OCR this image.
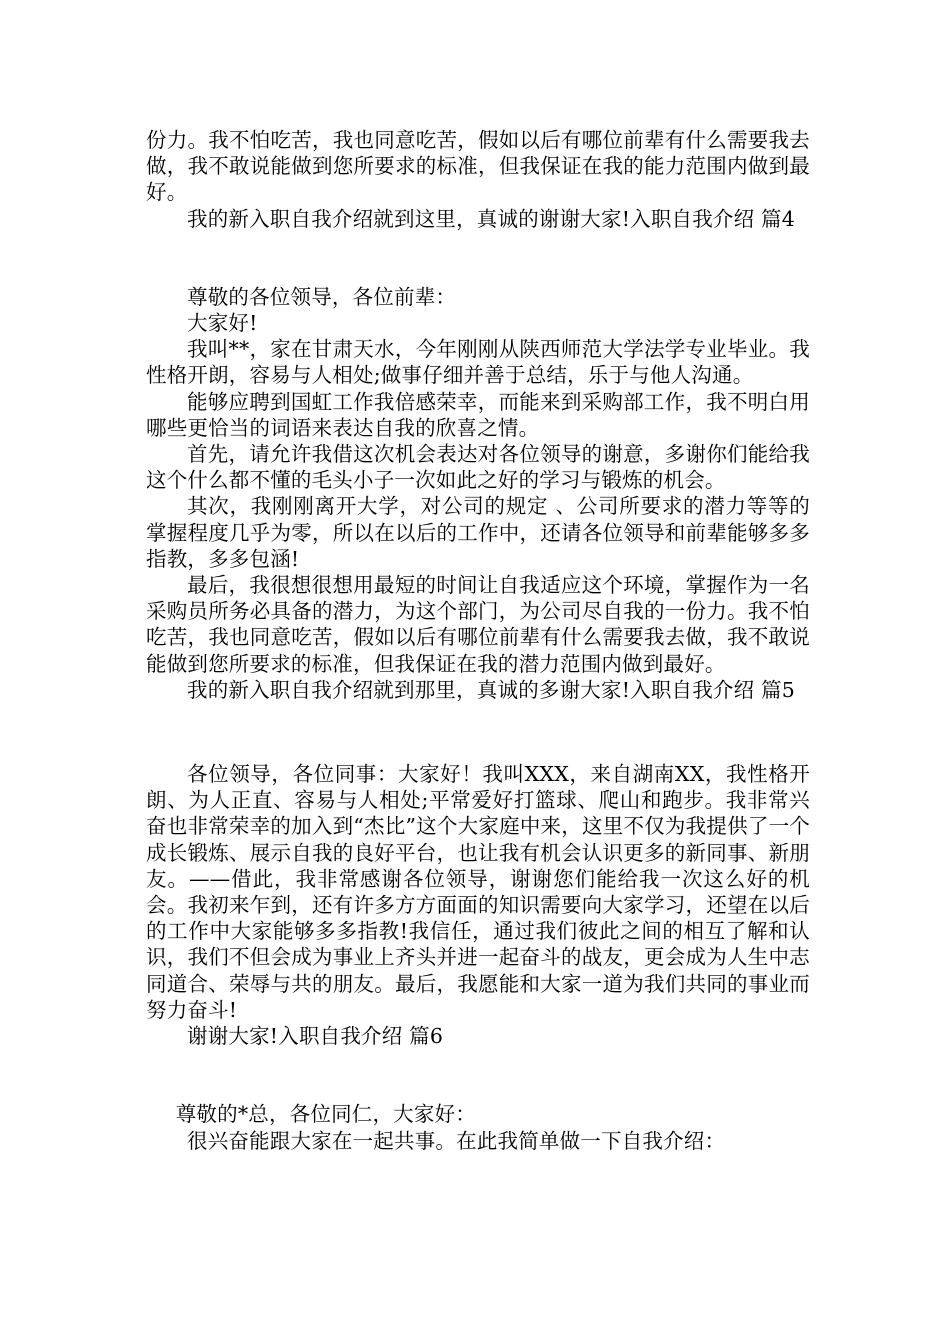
份力。我不怕吃苦，我也同意吃苦，假如以后有哪位前辈有什么需要我去做，我不敢说能做到您所要求的标准，但我保证在我的能力范围内做到最好。

我的新入职自我介绍就到这里，真诚的谢谢大家!入职自我介绍 篇4

尊敬的各位领导，各位前辈：

大家好!

我叫**，家在甘肃天水，今年刚刚从陕西师范大学法学专业毕业。我性格开朗，容易与人相处;做事仔细并善于总结，乐于与他人沟通。

能够应聘到国虹工作我倍感荣幸，而能来到采购部工作，我不明白用哪些更恰当的词语来表达自我的欣喜之情。

首先，请允许我借这次机会表达对各位领导的谢意，多谢你们能给我这个什么都不懂的毛头小子一次如此之好的学习与锻炼的机会。

其次，我刚刚离开大学，对公司的规定 、公司所要求的潜力等等的掌握程度几乎为零，所以在以后的工作中，还请各位领导和前辈能够多多指教，多多包涵!

最后，我很想很想用最短的时间让自我适应这个环境，掌握作为一名采购员所务必具备的潜力，为这个部门，为公司尽自我的一份力。我不怕吃苦，我也同意吃苦，假如以后有哪位前辈有什么需要我去做，我不敢说能做到您所要求的标准，但我保证在我的潜力范围内做到最好。

我的新入职自我介绍就到那里，真诚的多谢大家!入职自我介绍 篇5

各位领导，各位同事：大家好！我叫XXX，来自湖南XX，我性格开朗、为人正直、容易与人相处;平常爱好打篮球、爬山和跑步。我非常兴奋也非常荣幸的加入到“杰比”这个大家庭中来，这里不仅为我提供了一个成长锻炼、展示自我的良好平台，也让我有机会认识更多的新同事、新朋友。——借此，我非常感谢各位领导，谢谢您们能给我一次这么好的机会。我初来乍到，还有许多方方面面的知识需要向大家学习，还望在以后的工作中大家能够多多指教!我信任，通过我们彼此之间的相互了解和认识，我们不但会成为事业上齐头并进一起奋斗的战友，更会成为人生中志同道合、荣辱与共的朋友。最后，我愿能和大家一道为我们共同的事业而努力奋斗!

谢谢大家!入职自我介绍 篇6

尊敬的*总，各位同仁，大家好：

很兴奋能跟大家在一起共事。在此我简单做一下自我介绍：
